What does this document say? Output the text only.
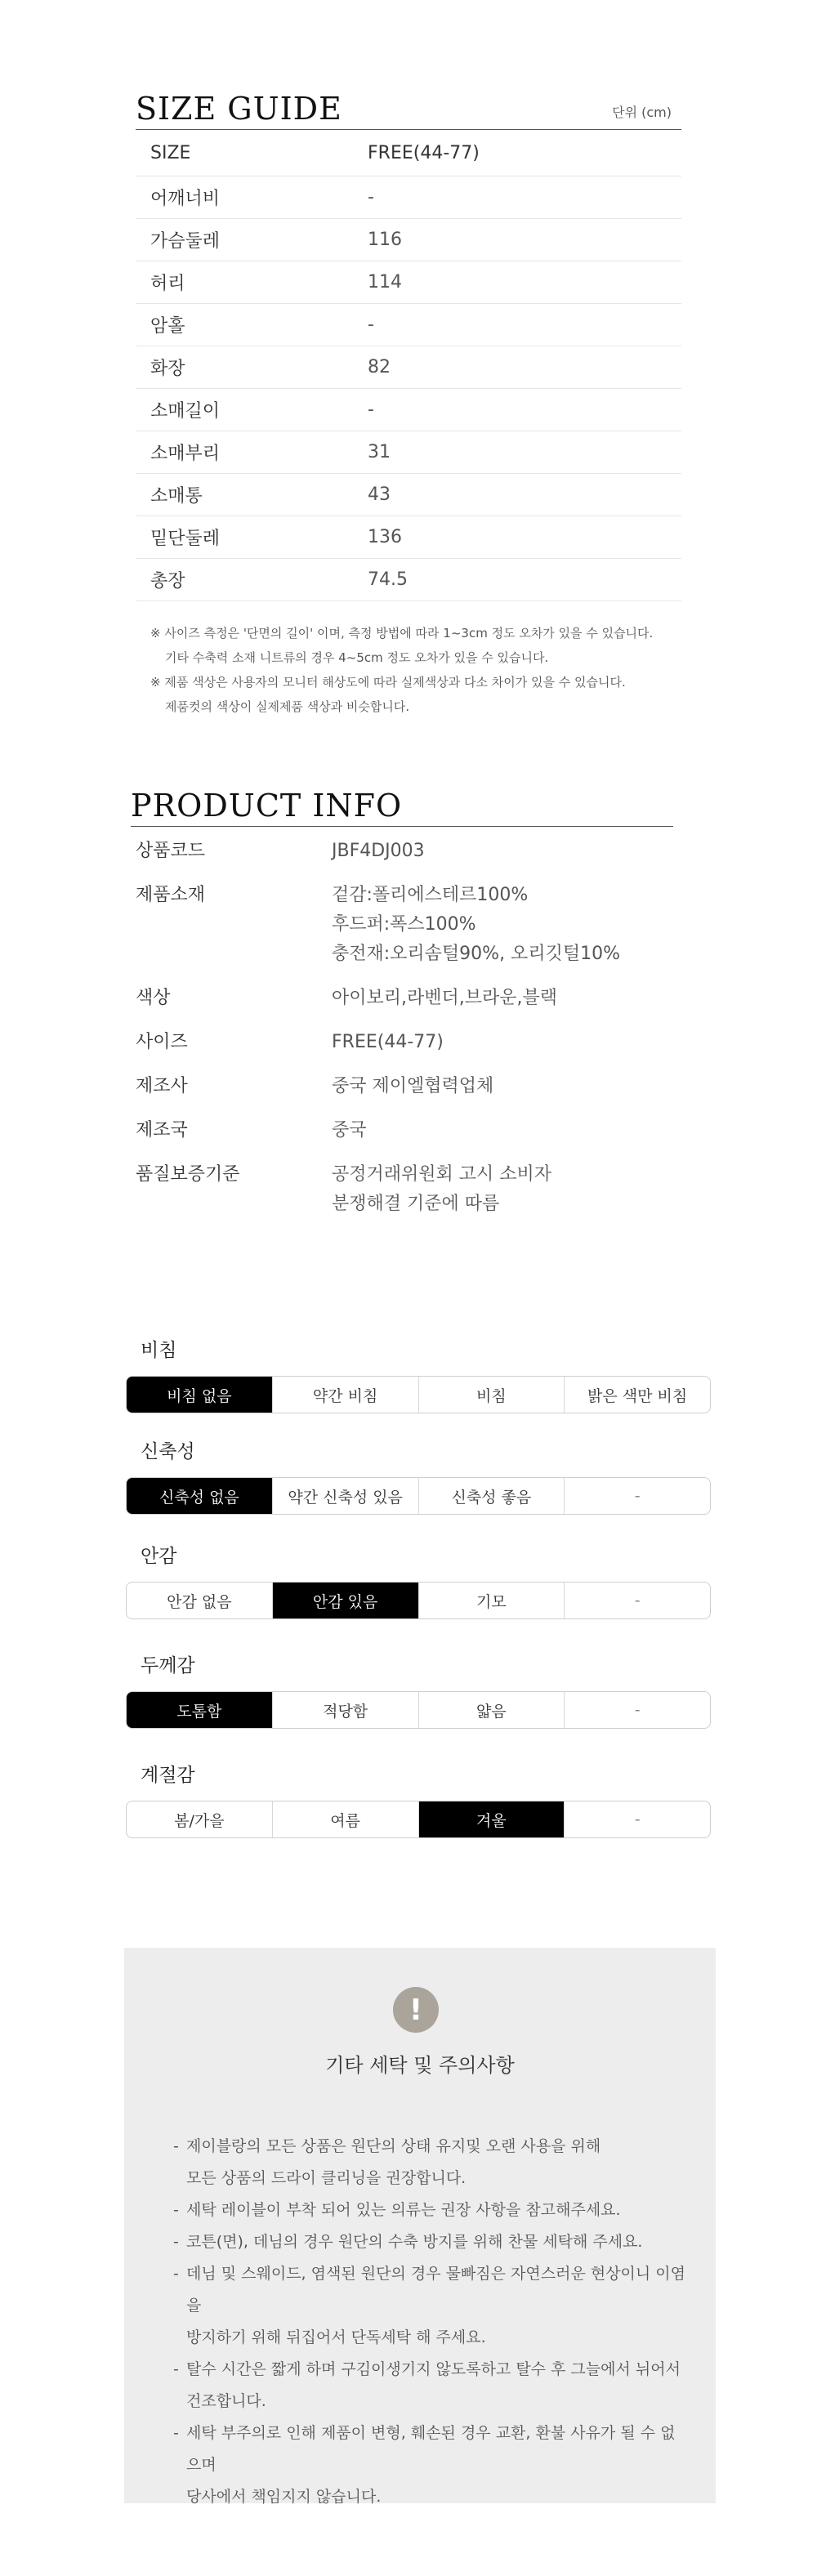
SIZE GUIDE	단위 (cm)
SIZE	FREE(44-77)
어깨너비	-
가슴둘레	116
허리	114
암홀	-
화장	82
소매길이	-
소매부리	31
소매통	43
밑단둘레	136
총장	74.5
※ 사이즈 측정은 '단면의 길이' 이며, 측정 방법에 따라 1~3cm 정도 오차가 있을 수 있습니다.
기타 수축력 소재 니트류의 경우 4~5cm 정도 오차가 있을 수 있습니다.
※ 제품 색상은 사용자의 모니터 해상도에 따라 실제색상과 다소 차이가 있을 수 있습니다.
제품컷의 색상이 실제제품 색상과 비슷합니다.
PRODUCT INFO
상품코드	JBF4DJ003
제품소재	겉감:폴리에스테르100%
후드퍼:폭스100%
충전재:오리솜털90%, 오리깃털10%
색상	아이보리,라벤더,브라운,블랙
사이즈	FREE(44-77)
제조사	중국 제이엘협력업체
제조국	중국
품질보증기준	공정거래위원회 고시 소비자
분쟁해결 기준에 따름
비침
비침 없음	약간 비침	비침	밝은 색만 비침
신축성
신축성 없음	약간 신축성 있음	신축성 좋음	-
안감
안감 없음	안감 있음	기모	-
두께감
도톰함	적당함	얇음	-
계절감
봄/가을	여름	겨울	-
!
기타 세탁 및 주의사항
- 제이블랑의 모든 상품은 원단의 상태 유지및 오랜 사용을 위해
모든 상품의 드라이 클리닝을 권장합니다.
- 세탁 레이블이 부착 되어 있는 의류는 권장 사항을 참고해주세요.
- 코튼(면), 데님의 경우 원단의 수축 방지를 위해 찬물 세탁해 주세요.
- 데님 및 스웨이드, 염색된 원단의 경우 물빠짐은 자연스러운 현상이니 이염을
방지하기 위해 뒤집어서 단독세탁 해 주세요.
- 탈수 시간은 짧게 하며 구김이생기지 않도록하고 탈수 후 그늘에서 뉘어서
건조합니다.
- 세탁 부주의로 인해 제품이 변형, 훼손된 경우 교환, 환불 사유가 될 수 없으며
당사에서 책임지지 않습니다.
